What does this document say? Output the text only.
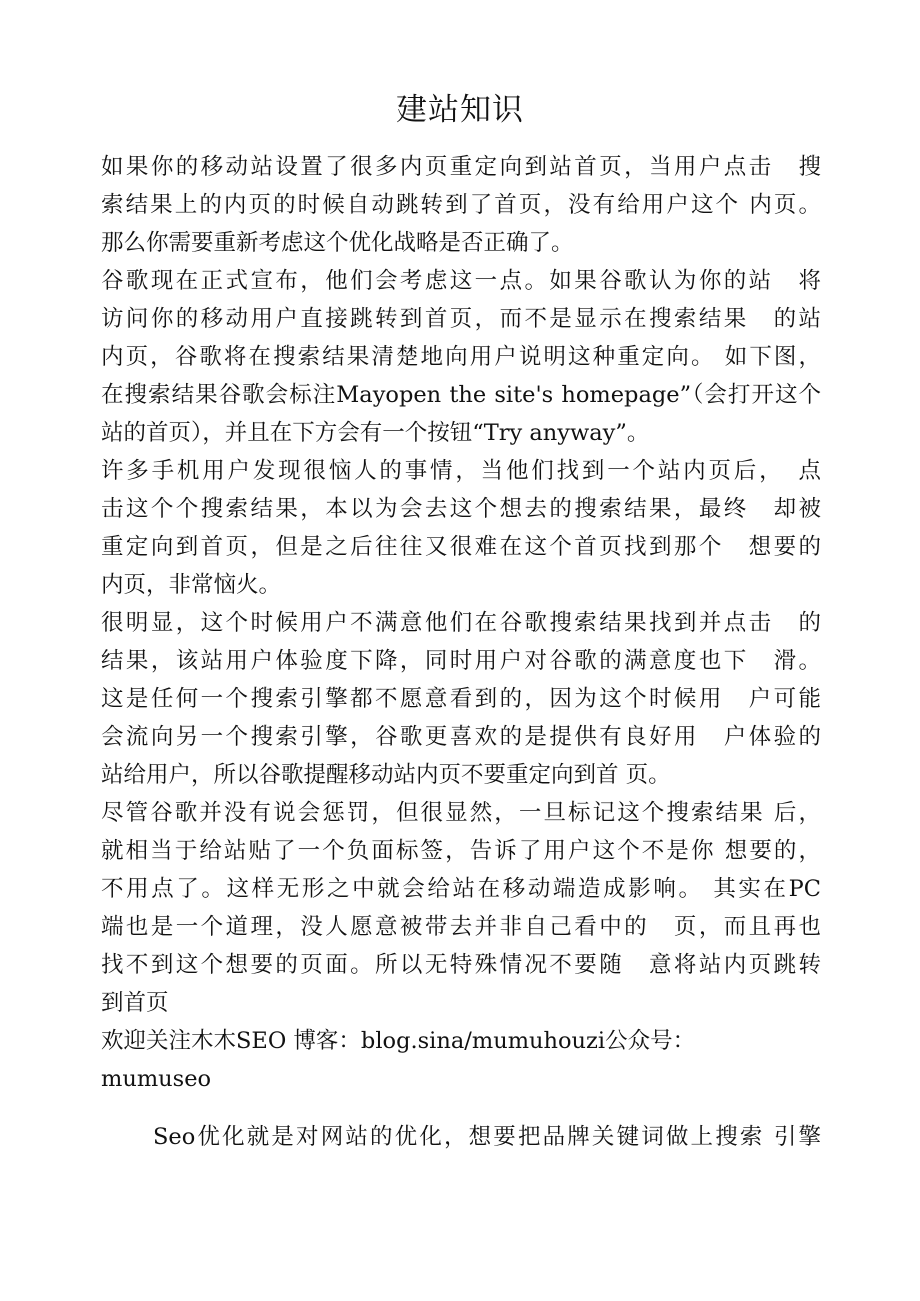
建站知识
如果你的移动站设置了很多内页重定向到站首页，当用户点击　搜
索结果上的内页的时候自动跳转到了首页，没有给用户这个 内页。
那么你需要重新考虑这个优化战略是否正确了。
谷歌现在正式宣布，他们会考虑这一点。如果谷歌认为你的站　将
访问你的移动用户直接跳转到首页，而不是显示在搜索结果　的站
内页，谷歌将在搜索结果清楚地向用户说明这种重定向。 如下图，
在搜索结果谷歌会标注Mayopen the site's homepage”（会打开这个
站的首页），并且在下方会有一个按钮“Try anyway”。
许多手机用户发现很恼人的事情，当他们找到一个站内页后，　点
击这个个搜索结果，本以为会去这个想去的搜索结果，最终　却被
重定向到首页，但是之后往往又很难在这个首页找到那个　想要的
内页，非常恼火。
很明显，这个时候用户不满意他们在谷歌搜索结果找到并点击　的
结果，该站用户体验度下降，同时用户对谷歌的满意度也下　滑。
这是任何一个搜索引擎都不愿意看到的，因为这个时候用　户可能
会流向另一个搜索引擎，谷歌更喜欢的是提供有良好用　户体验的
站给用户，所以谷歌提醒移动站内页不要重定向到首 页。
尽管谷歌并没有说会惩罚，但很显然，一旦标记这个搜索结果 后，
就相当于给站贴了一个负面标签，告诉了用户这个不是你 想要的，
不用点了。这样无形之中就会给站在移动端造成影响。 其实在PC
端也是一个道理，没人愿意被带去并非自己看中的　页，而且再也
找不到这个想要的页面。所以无特殊情况不要随　意将站内页跳转
到首页
欢迎关注木木SEO 博客：blog.sina/mumuhouzi公众号：
mumuseo
Seo优化就是对网站的优化，想要把品牌关键词做上搜索 引擎
